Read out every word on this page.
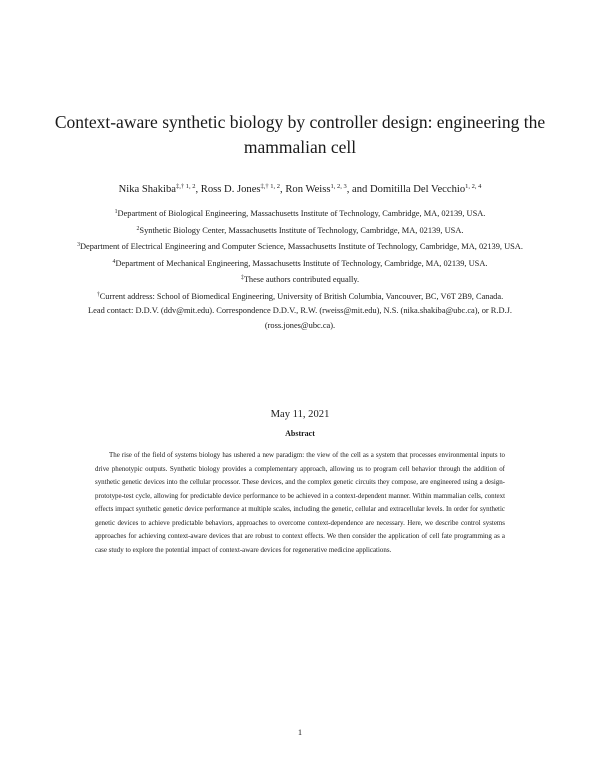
Context-aware synthetic biology by controller design: engineering the mammalian cell
Nika Shakiba$^{\ddagger,\dagger 1, 2}$, Ross D. Jones$^{\ddagger,\dagger 1, 2}$, Ron Weiss$^{1, 2, 3}$, and Domitilla Del Vecchio$^{1, 2, 4}$

$^1$Department of Biological Engineering, Massachusetts Institute of Technology, Cambridge, MA, 02139, USA.

$^2$Synthetic Biology Center, Massachusetts Institute of Technology, Cambridge, MA, 02139, USA.

$^3$Department of Electrical Engineering and Computer Science, Massachusetts Institute of Technology, Cambridge, MA, 02139, USA.

$^4$Department of Mechanical Engineering, Massachusetts Institute of Technology, Cambridge, MA, 02139, USA.

‡These authors contributed equally.

†Current address: School of Biomedical Engineering, University of British Columbia, Vancouver, BC, V6T 2B9, Canada.

Lead contact: D.D.V. (ddv@mit.edu). Correspondence D.D.V., R.W. (rweiss@mit.edu), N.S. (nika.shakiba@ubc.ca), or R.D.J. (ross.jones@ubc.ca).

May 11, 2021
Abstract

The rise of the field of systems biology has ushered a new paradigm: the view of the cell as a system that processes environmental inputs to drive phenotypic outputs. Synthetic biology provides a complementary approach, allowing us to program cell behavior through the addition of synthetic genetic devices into the cellular processor. These devices, and the complex genetic circuits they compose, are engineered using a design-prototype-test cycle, allowing for predictable device performance to be achieved in a context-dependent manner. Within mammalian cells, context effects impact synthetic genetic device performance at multiple scales, including the genetic, cellular and extracellular levels. In order for synthetic genetic devices to achieve predictable behaviors, approaches to overcome context-dependence are necessary. Here, we describe control systems approaches for achieving context-aware devices that are robust to context effects. We then consider the application of cell fate programming as a case study to explore the potential impact of context-aware devices for regenerative medicine applications.

1
